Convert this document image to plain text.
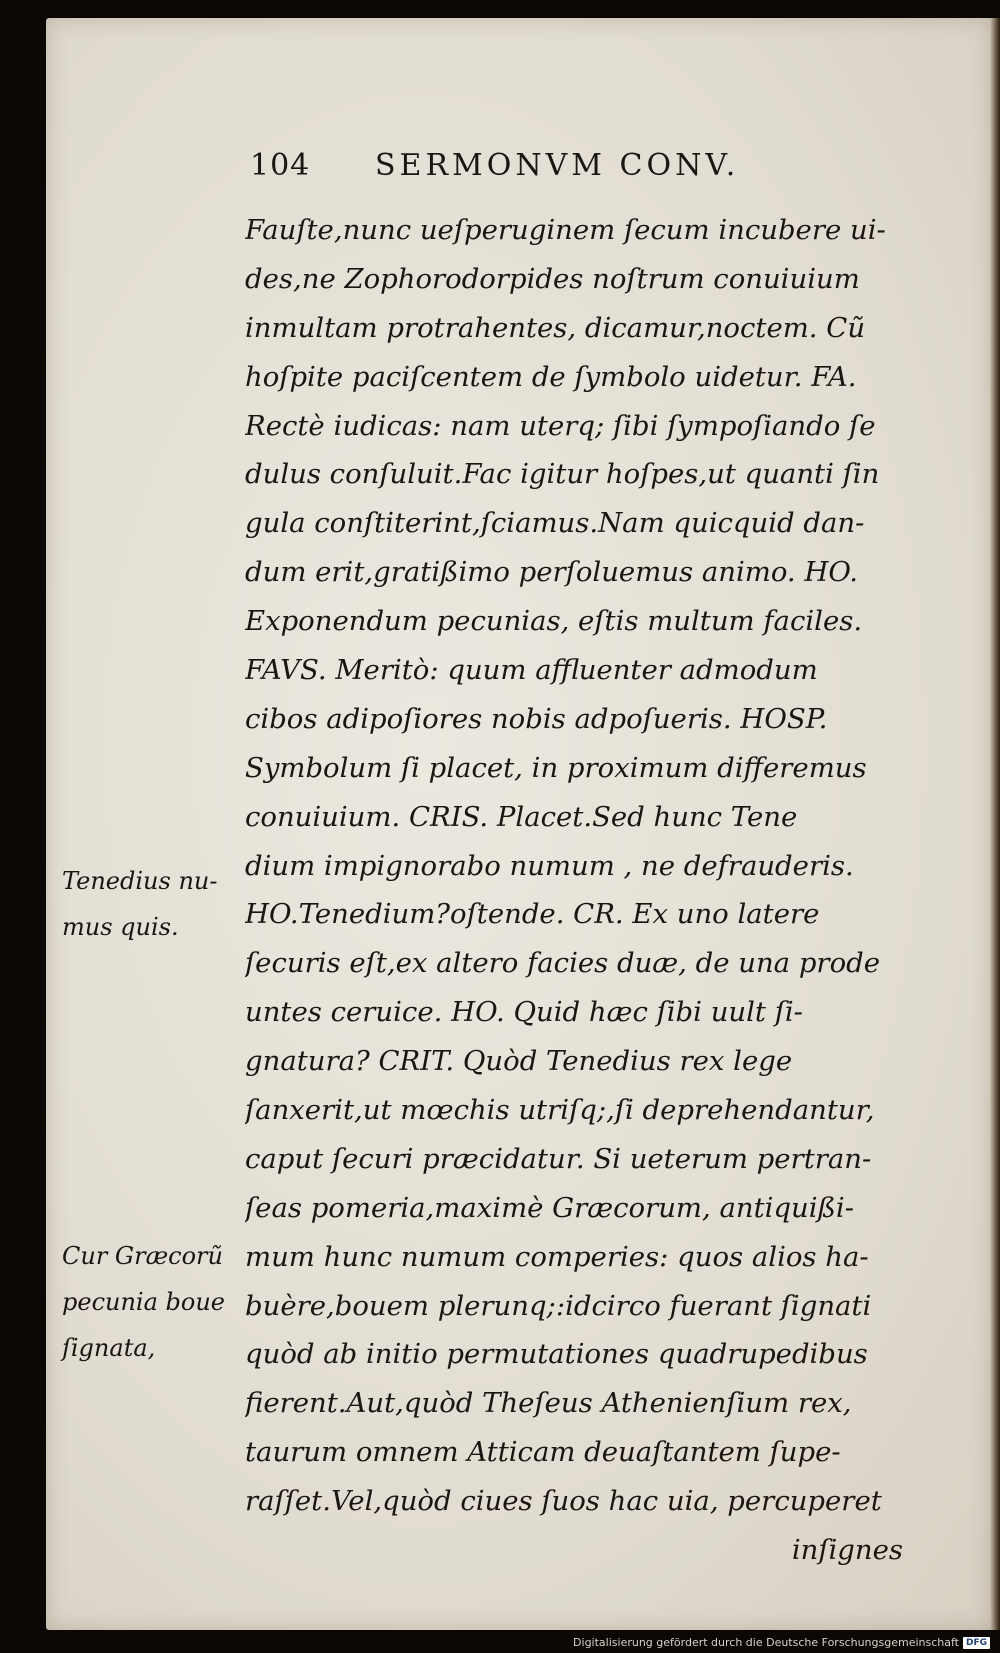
104 SERMONVM CONV.
Tenedius nu-
mus quis.
Cur Græcorũ
pecunia boue
ſignata,
Fauſte,nunc ueſperuginem ſecum incubere ui-
des,ne Zophorodorpides noſtrum conuiuium
inmultam protrahentes, dicamur,noctem. Cũ
hoſpite paciſcentem de ſymbolo uidetur. FA.
Rectè iudicas: nam uterq; ſibi ſympoſiando ſe
dulus conſuluit.Fac igitur hoſpes,ut quanti ſin
gula conſtiterint,ſciamus.Nam quicquid dan-
dum erit,gratißimo perſoluemus animo. HO.
Exponendum pecunias, eſtis multum faciles.
FAVS. Meritò: quum affluenter admodum
cibos adipoſiores nobis adpoſueris. HOSP.
Symbolum ſi placet, in proximum differemus
conuiuium. CRIS. Placet.Sed hunc Tene
dium impignorabo numum , ne defrauderis.
HO.Tenedium?oſtende. CR. Ex uno latere
ſecuris eſt,ex altero facies duæ, de una prode
untes ceruice. HO. Quid hæc ſibi uult ſi-
gnatura? CRIT. Quòd Tenedius rex lege
ſanxerit,ut mœchis utriſq;,ſi deprehendantur,
caput ſecuri præcidatur. Si ueterum pertran-
ſeas pomeria,maximè Græcorum, antiquißi-
mum hunc numum comperies: quos alios ha-
buère,bouem plerunq;:idcirco fuerant ſignati
quòd ab initio permutationes quadrupedibus
fierent.Aut,quòd Theſeus Athenienſium rex,
taurum omnem Atticam deuaſtantem ſupe-
raſſet.Vel,quòd ciues ſuos hac uia, percuperet
inſignes
Digitalisierung gefördert durch die Deutsche Forschungsgemeinschaft DFG
